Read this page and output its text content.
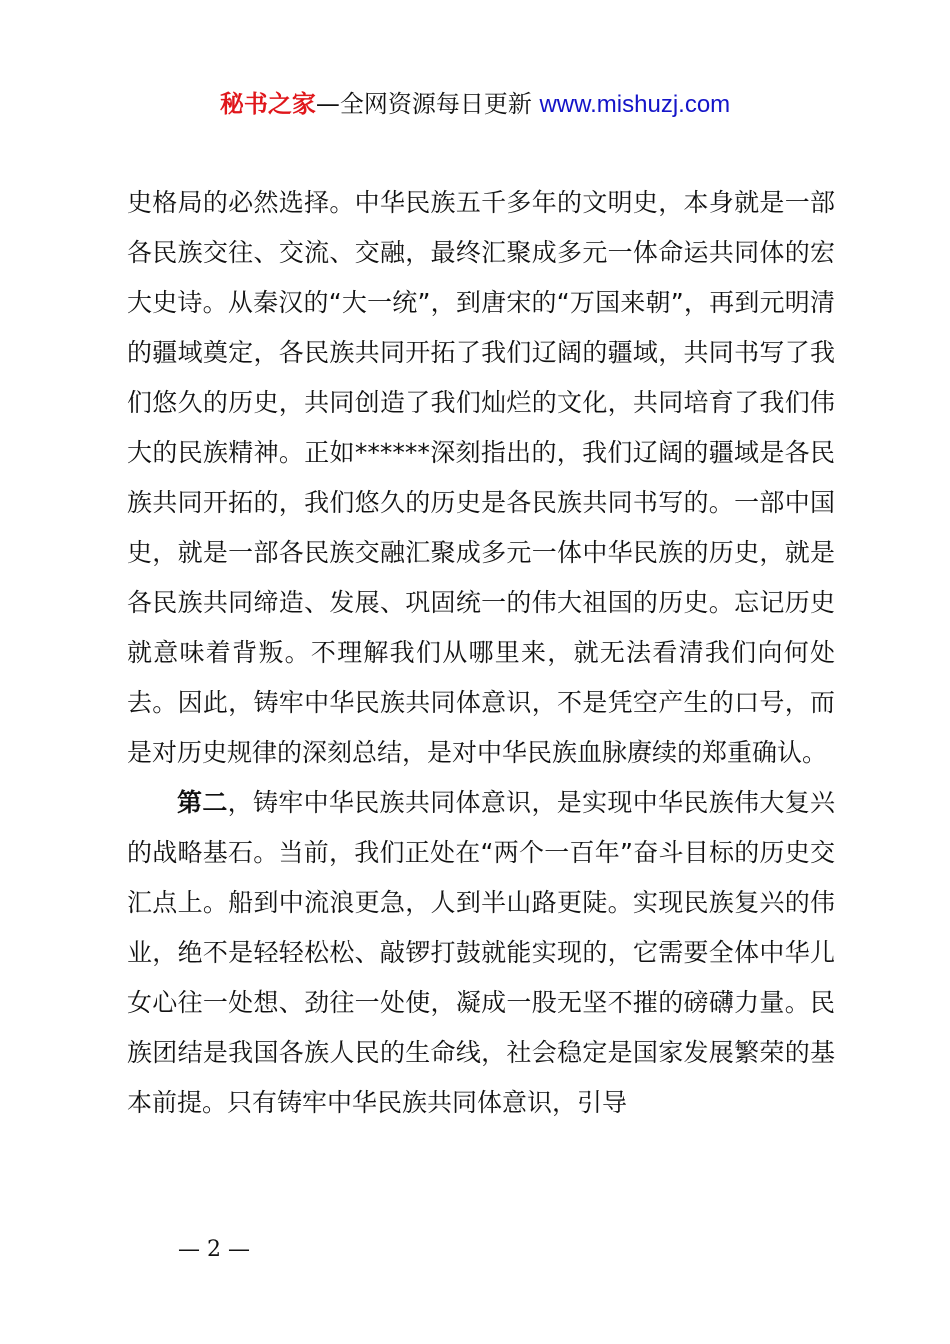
秘书之家—全网资源每日更新 www.mishuzj.com

史格局的必然选择。中华民族五千多年的文明史，本身就是一部各民族交往、交流、交融，最终汇聚成多元一体命运共同体的宏大史诗。从秦汉的“大一统”，到唐宋的“万国来朝”，再到元明清的疆域奠定，各民族共同开拓了我们辽阔的疆域，共同书写了我们悠久的历史，共同创造了我们灿烂的文化，共同培育了我们伟大的民族精神。正如******深刻指出的，我们辽阔的疆域是各民族共同开拓的，我们悠久的历史是各民族共同书写的。一部中国史，就是一部各民族交融汇聚成多元一体中华民族的历史，就是各民族共同缔造、发展、巩固统一的伟大祖国的历史。忘记历史就意味着背叛。不理解我们从哪里来，就无法看清我们向何处去。因此，铸牢中华民族共同体意识，不是凭空产生的口号，而是对历史规律的深刻总结，是对中华民族血脉赓续的郑重确认。

第二，铸牢中华民族共同体意识，是实现中华民族伟大复兴的战略基石。当前，我们正处在“两个一百年”奋斗目标的历史交汇点上。船到中流浪更急，人到半山路更陡。实现民族复兴的伟业，绝不是轻轻松松、敲锣打鼓就能实现的，它需要全体中华儿女心往一处想、劲往一处使，凝成一股无坚不摧的磅礴力量。民族团结是我国各族人民的生命线，社会稳定是国家发展繁荣的基本前提。只有铸牢中华民族共同体意识，引导

— 2 —
